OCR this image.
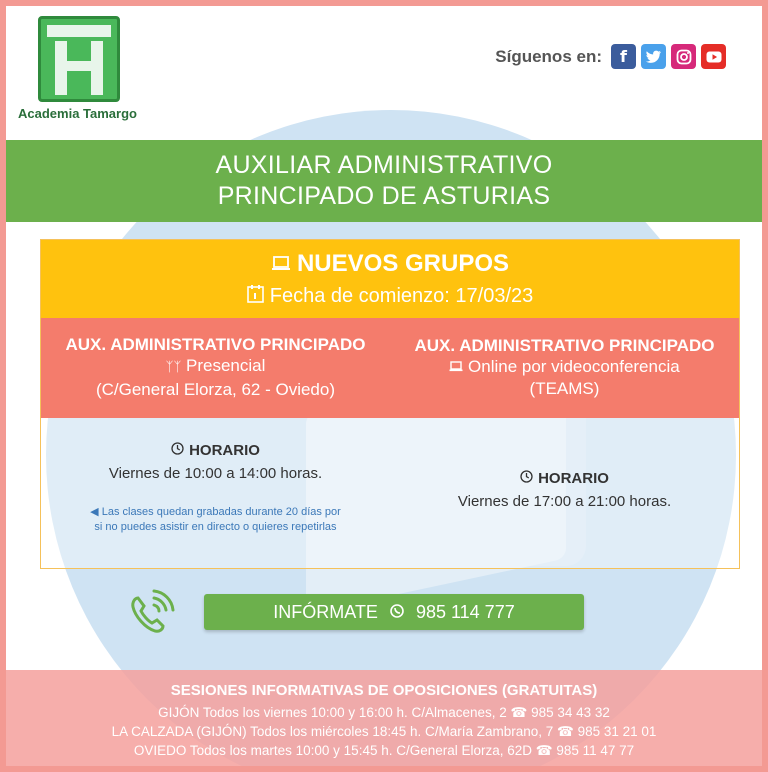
Academia Tamargo
Síguenos en:	f
AUXILIAR ADMINISTRATIVO
PRINCIPADO DE ASTURIAS
NUEVOS GRUPOS
Fecha de comienzo: 17/03/23
AUX. ADMINISTRATIVO PRINCIPADO
ᛉᛉ Presencial
(C/General Elorza, 62 - Oviedo)
AUX. ADMINISTRATIVO PRINCIPADO
Online por videoconferencia
(TEAMS)
HORARIO
Viernes de 10:00 a 14:00 horas.
◀ Las clases quedan grabadas durante 20 días por
si no puedes asistir en directo o quieres repetirlas
HORARIO
Viernes de 17:00 a 21:00 horas.
INFÓRMATE 985 114 777
SESIONES INFORMATIVAS DE OPOSICIONES (GRATUITAS)
GIJÓN Todos los viernes 10:00 y 16:00 h. C/Almacenes, 2 ☎ 985 34 43 32
LA CALZADA (GIJÓN) Todos los miércoles 18:45 h. C/María Zambrano, 7 ☎ 985 31 21 01
OVIEDO Todos los martes 10:00 y 15:45 h. C/General Elorza, 62D ☎ 985 11 47 77
